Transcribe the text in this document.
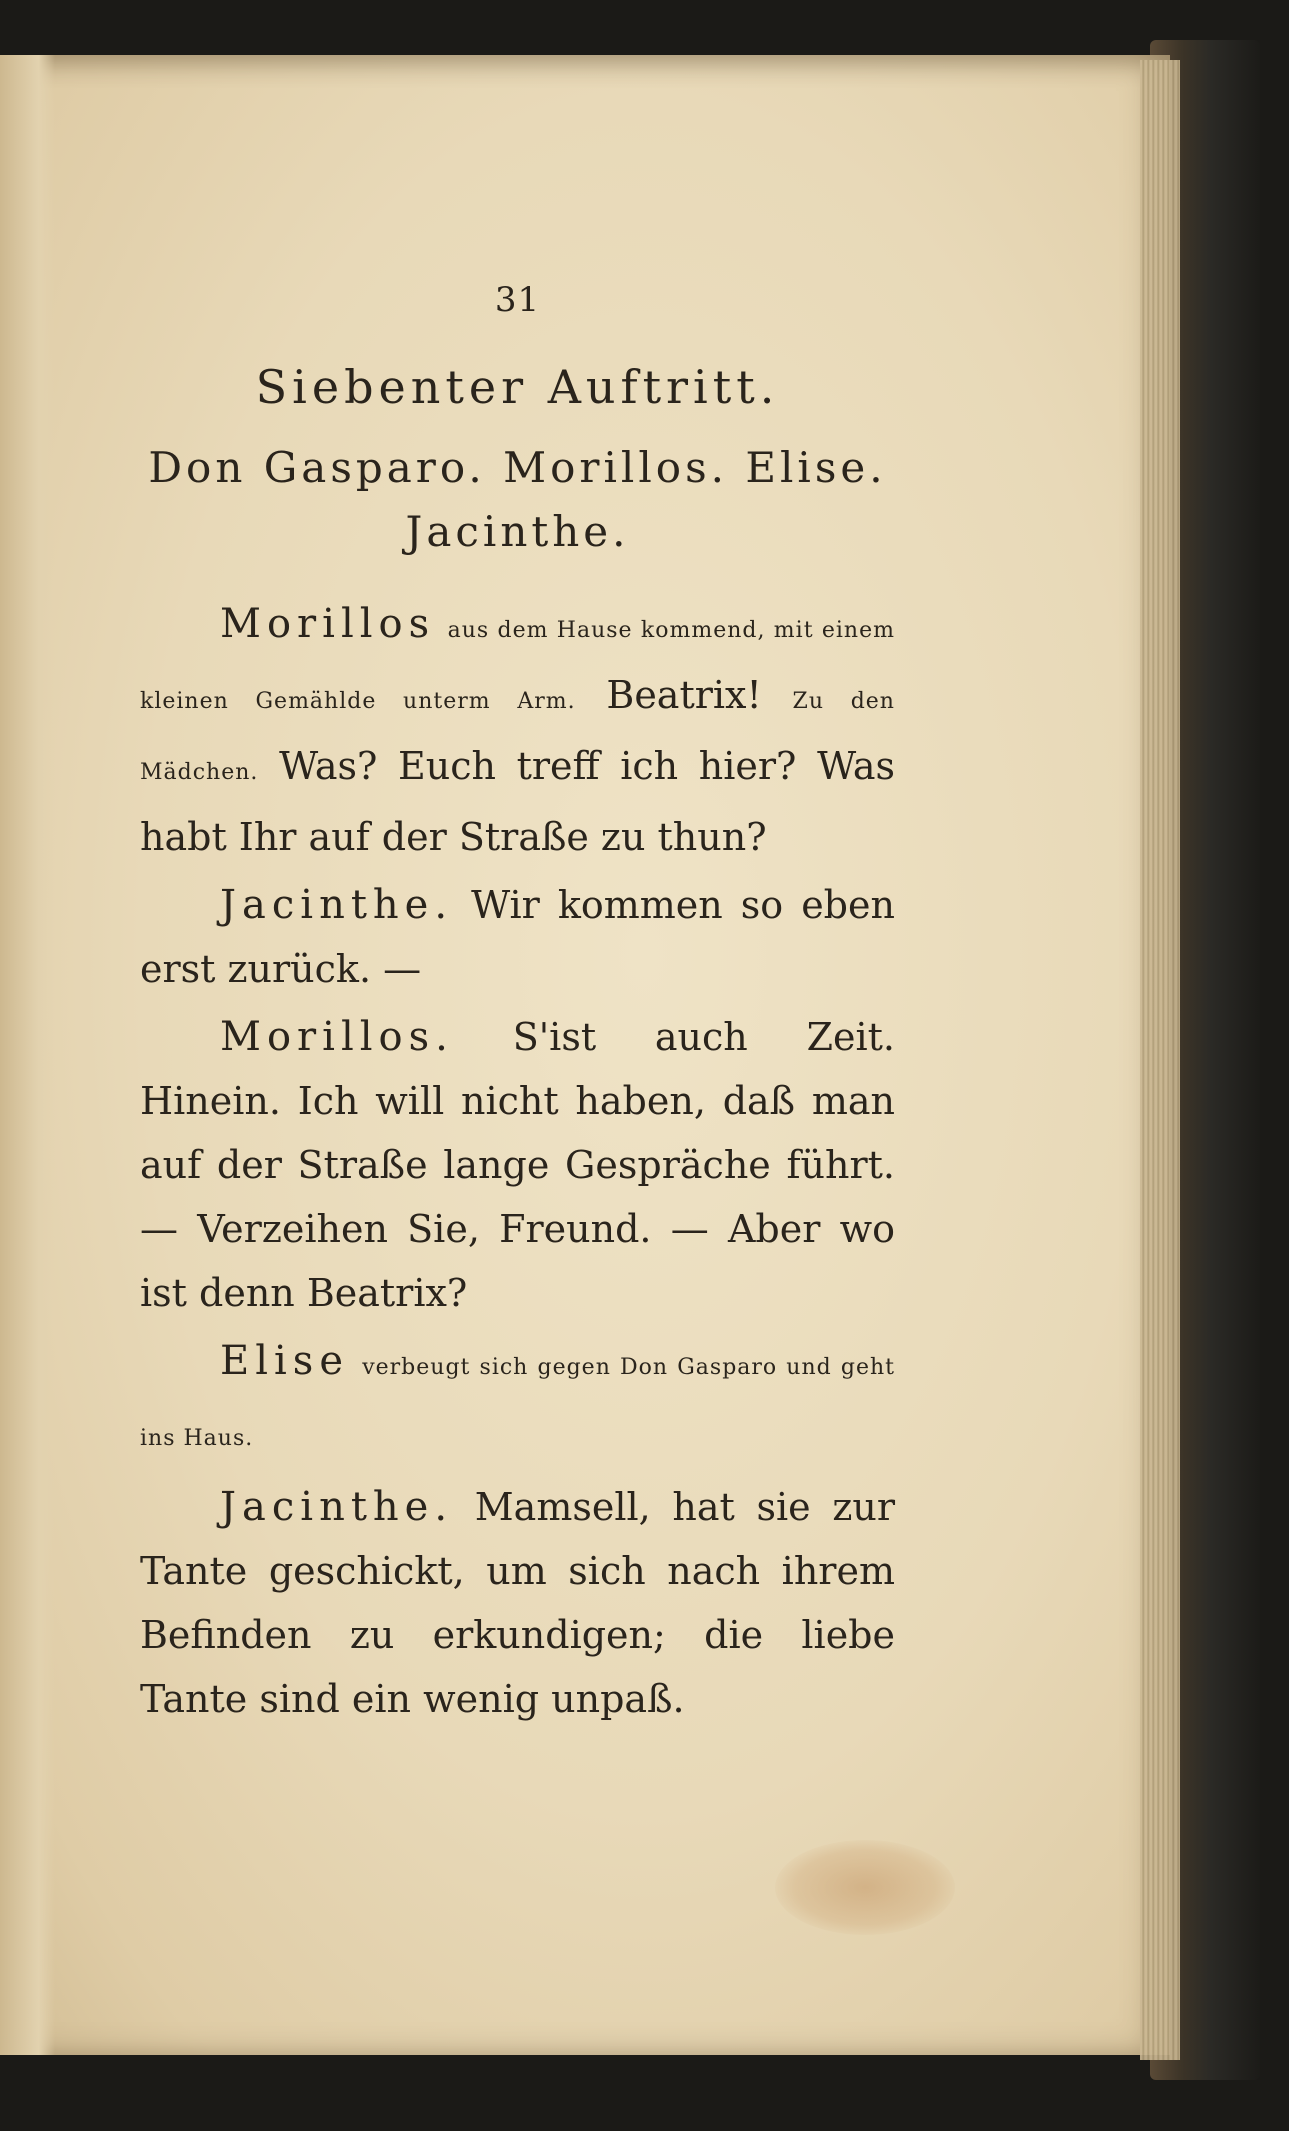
31
Siebenter Auftritt.
Don Gasparo. Morillos. Elise.
Jacinthe.

Morillos aus dem Hause kommend, mit einem kleinen Gemählde unterm Arm. Beatrix! Zu den Mädchen. Was? Euch treff ich hier? Was habt Ihr auf der Straße zu thun?

Jacinthe. Wir kommen so eben erst zurück. —

Morillos. S'ist auch Zeit. Hinein. Ich will nicht haben, daß man auf der Straße lange Gespräche führt. — Verzeihen Sie, Freund. — Aber wo ist denn Beatrix?

Elise verbeugt sich gegen Don Gasparo und geht ins Haus.

Jacinthe. Mamsell, hat sie zur Tante geschickt, um sich nach ihrem Befinden zu erkundigen; die liebe Tante sind ein wenig unpaß.
